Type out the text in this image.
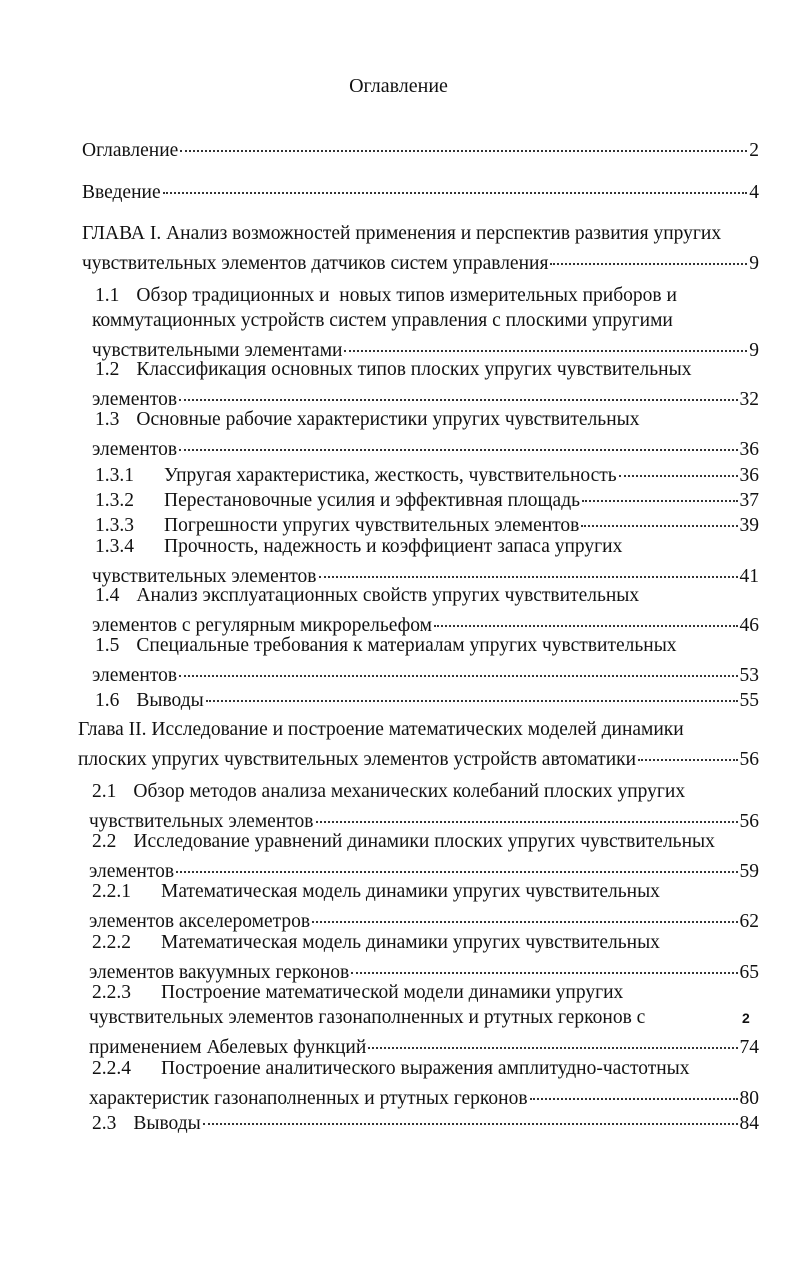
Оглавление
Оглавление	2
Введение	4
ГЛАВА I. Анализ возможностей применения и перспектив развития упругих
чувствительных элементов датчиков систем управления	9
1.1 Обзор традиционных и  новых типов измерительных приборов и
коммутационных устройств систем управления с плоскими упругими
чувствительными элементами	9
1.2 Классификация основных типов плоских упругих чувствительных
элементов	32
1.3 Основные рабочие характеристики упругих чувствительных
элементов	36
1.3.1 Упругая характеристика, жесткость, чувствительность	36
1.3.2 Перестановочные усилия и эффективная площадь	37
1.3.3 Погрешности упругих чувствительных элементов	39
1.3.4 Прочность, надежность и коэффициент запаса упругих
чувствительных элементов	41
1.4 Анализ эксплуатационных свойств упругих чувствительных
элементов с регулярным микрорельефом	46
1.5 Специальные требования к материалам упругих чувствительных
элементов	53
1.6 Выводы	55
Глава II. Исследование и построение математических моделей динамики
плоских упругих чувствительных элементов устройств автоматики	56
2.1 Обзор методов анализа механических колебаний плоских упругих
чувствительных элементов	56
2.2 Исследование уравнений динамики плоских упругих чувствительных
элементов	59
2.2.1 Математическая модель динамики упругих чувствительных
элементов акселерометров	62
2.2.2 Математическая модель динамики упругих чувствительных
элементов вакуумных герконов	65
2.2.3 Построение математической модели динамики упругих
чувствительных элементов газонаполненных и ртутных герконов с
применением Абелевых функций	74
2.2.4 Построение аналитического выражения амплитудно-частотных
характеристик газонаполненных и ртутных герконов	80
2.3 Выводы	84
2
